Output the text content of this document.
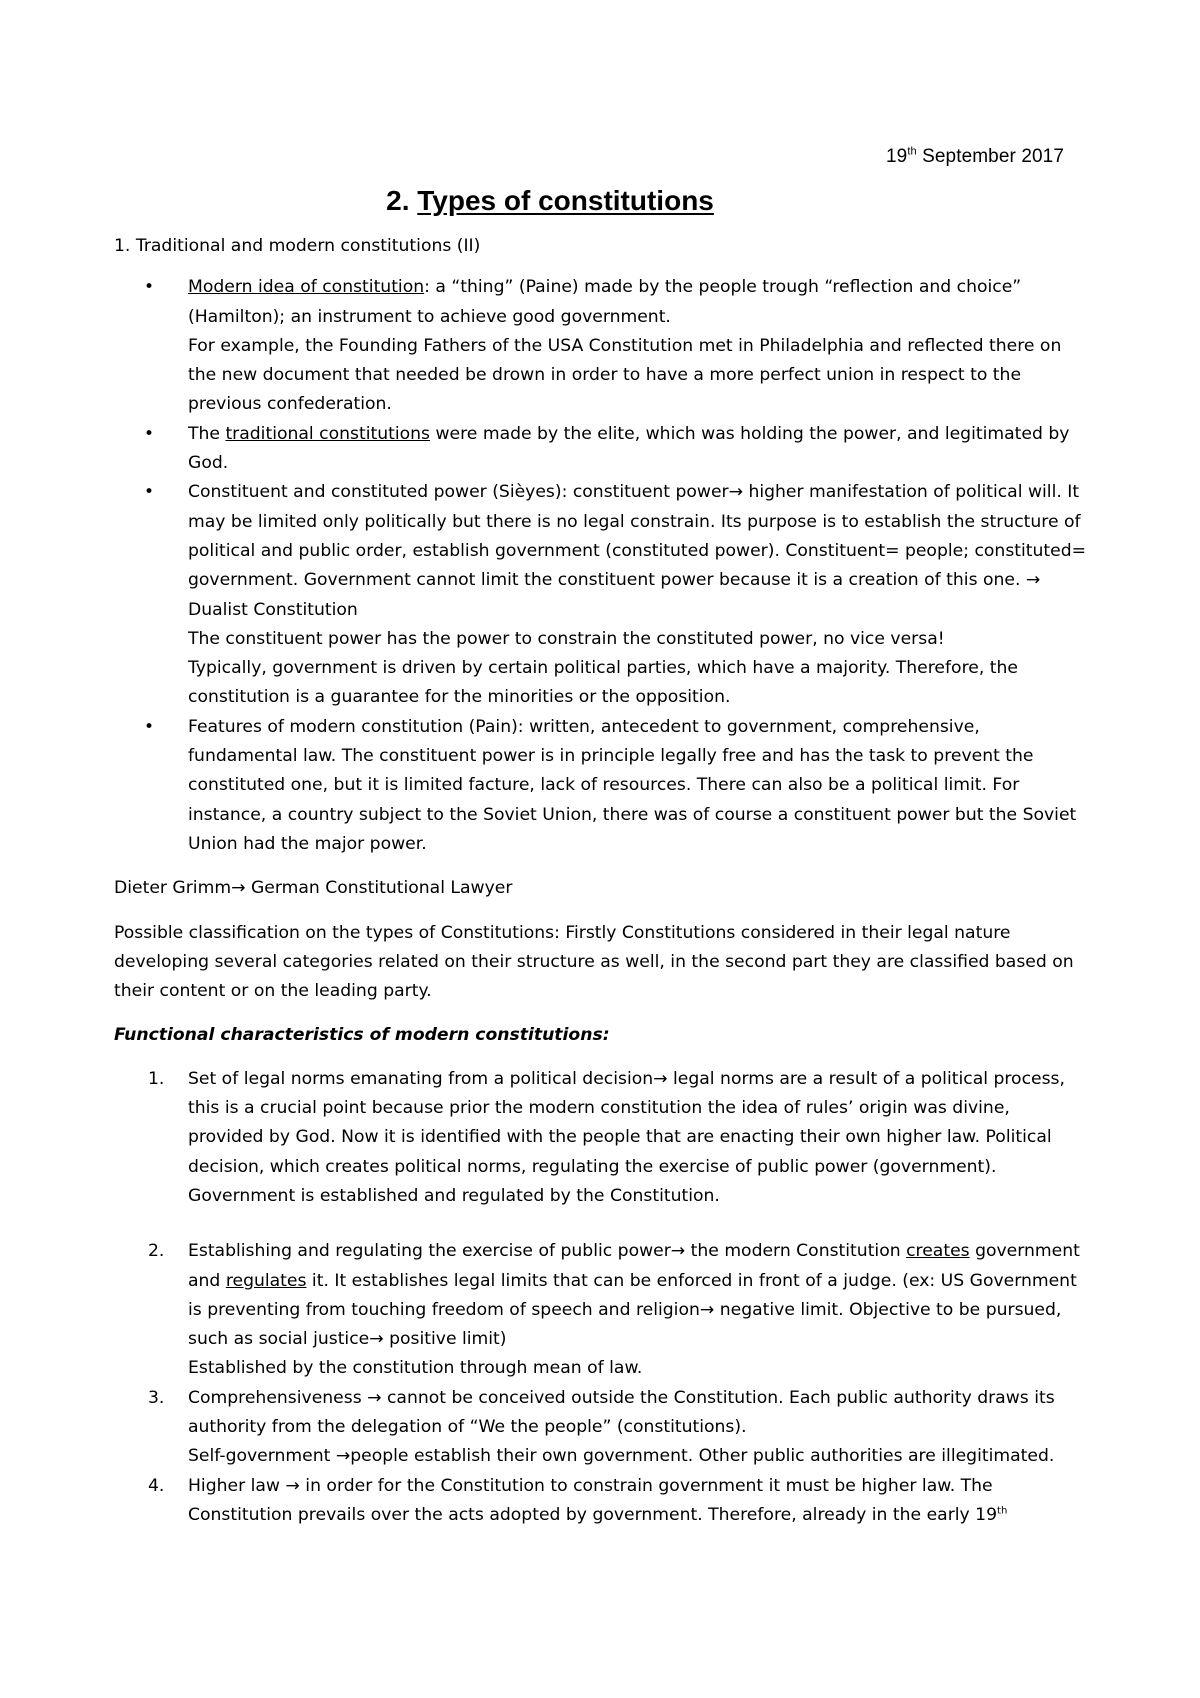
19th September 2017
2. Types of constitutions

1. Traditional and modern constitutions (II)

• Modern idea of constitution: a “thing” (Paine) made by the people trough “reflection and choice” (Hamilton); an instrument to achieve good government.

For example, the Founding Fathers of the USA Constitution met in Philadelphia and reflected there on the new document that needed be drown in order to have a more perfect union in respect to the previous confederation.

• The traditional constitutions were made by the elite, which was holding the power, and legitimated by God.

• Constituent and constituted power (Sièyes): constituent power→ higher manifestation of political will. It may be limited only politically but there is no legal constrain. Its purpose is to establish the structure of political and public order, establish government (constituted power). Constituent= people; constituted= government. Government cannot limit the constituent power because it is a creation of this one. → Dualist Constitution

The constituent power has the power to constrain the constituted power, no vice versa!

Typically, government is driven by certain political parties, which have a majority. Therefore, the constitution is a guarantee for the minorities or the opposition.

• Features of modern constitution (Pain): written, antecedent to government, comprehensive, fundamental law. The constituent power is in principle legally free and has the task to prevent the constituted one, but it is limited facture, lack of resources. There can also be a political limit. For instance, a country subject to the Soviet Union, there was of course a constituent power but the Soviet Union had the major power.

Dieter Grimm→ German Constitutional Lawyer

Possible classification on the types of Constitutions: Firstly Constitutions considered in their legal nature developing several categories related on their structure as well, in the second part they are classified based on their content or on the leading party.

Functional characteristics of modern constitutions:

1. Set of legal norms emanating from a political decision→ legal norms are a result of a political process, this is a crucial point because prior the modern constitution the idea of rules’ origin was divine, provided by God. Now it is identified with the people that are enacting their own higher law. Political decision, which creates political norms, regulating the exercise of public power (government). Government is established and regulated by the Constitution.

2. Establishing and regulating the exercise of public power→ the modern Constitution creates government and regulates it. It establishes legal limits that can be enforced in front of a judge. (ex: US Government is preventing from touching freedom of speech and religion→ negative limit. Objective to be pursued, such as social justice→ positive limit)

Established by the constitution through mean of law.

3. Comprehensiveness → cannot be conceived outside the Constitution. Each public authority draws its authority from the delegation of “We the people” (constitutions).

Self-government →people establish their own government. Other public authorities are illegitimated.

4. Higher law → in order for the Constitution to constrain government it must be higher law. The Constitution prevails over the acts adopted by government. Therefore, already in the early 19th
